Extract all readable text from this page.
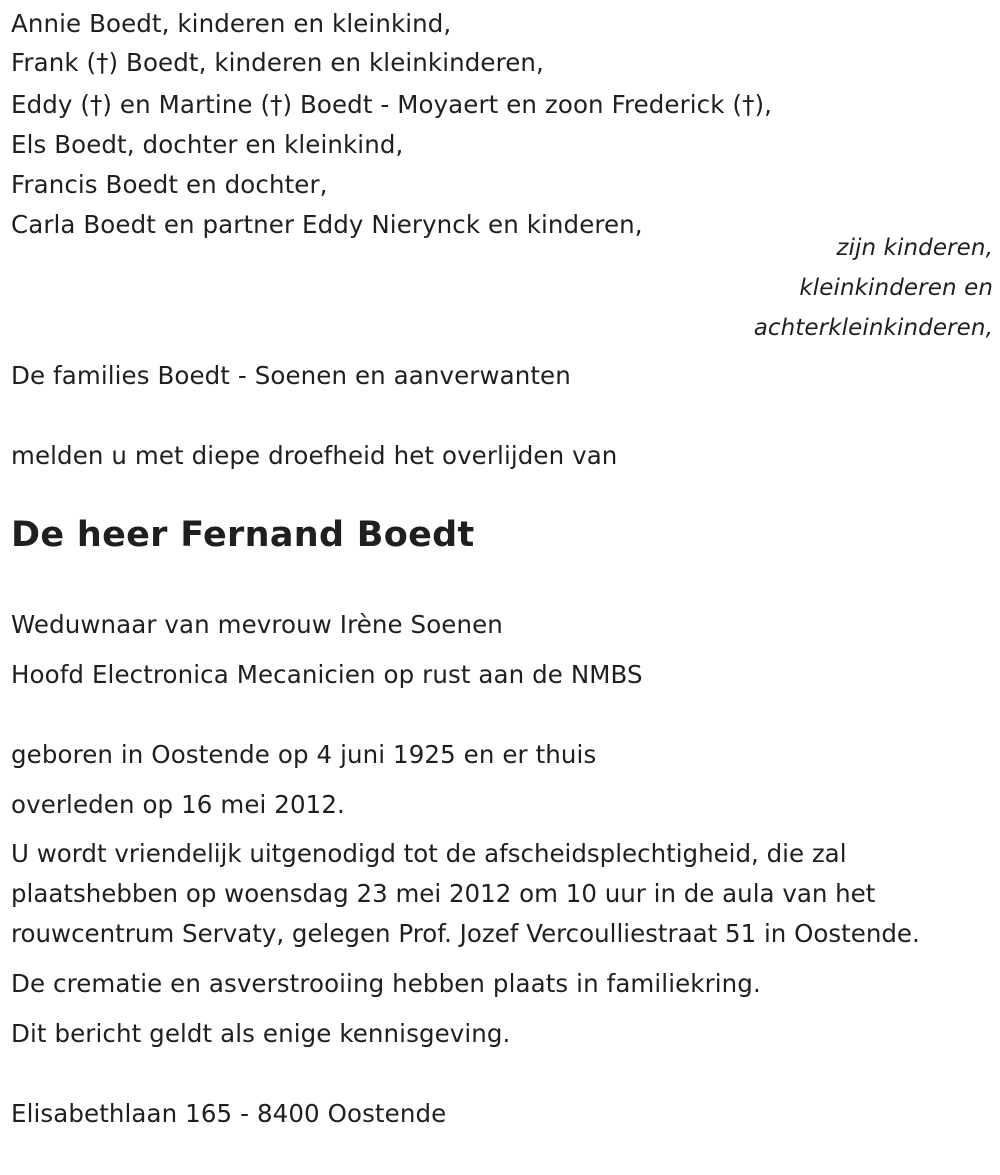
Annie Boedt, kinderen en kleinkind,
Frank (†) Boedt, kinderen en kleinkinderen,
Eddy (†) en Martine (†) Boedt - Moyaert en zoon Frederick (†),
Els Boedt, dochter en kleinkind,
Francis Boedt en dochter,
Carla Boedt en partner Eddy Nierynck en kinderen,
zijn kinderen,
kleinkinderen en
achterkleinkinderen,
De families Boedt - Soenen en aanverwanten
melden u met diepe droefheid het overlijden van
De heer Fernand Boedt
Weduwnaar van mevrouw Irène Soenen
Hoofd Electronica Mecanicien op rust aan de NMBS
geboren in Oostende op 4 juni 1925 en er thuis
overleden op 16 mei 2012.
U wordt vriendelijk uitgenodigd tot de afscheidsplechtigheid, die zal plaatshebben op woensdag 23 mei 2012 om 10 uur in de aula van het rouwcentrum Servaty, gelegen Prof. Jozef Vercoulliestraat 51 in Oostende.
De crematie en asverstrooiing hebben plaats in familiekring.
Dit bericht geldt als enige kennisgeving.
Elisabethlaan 165 - 8400 Oostende
